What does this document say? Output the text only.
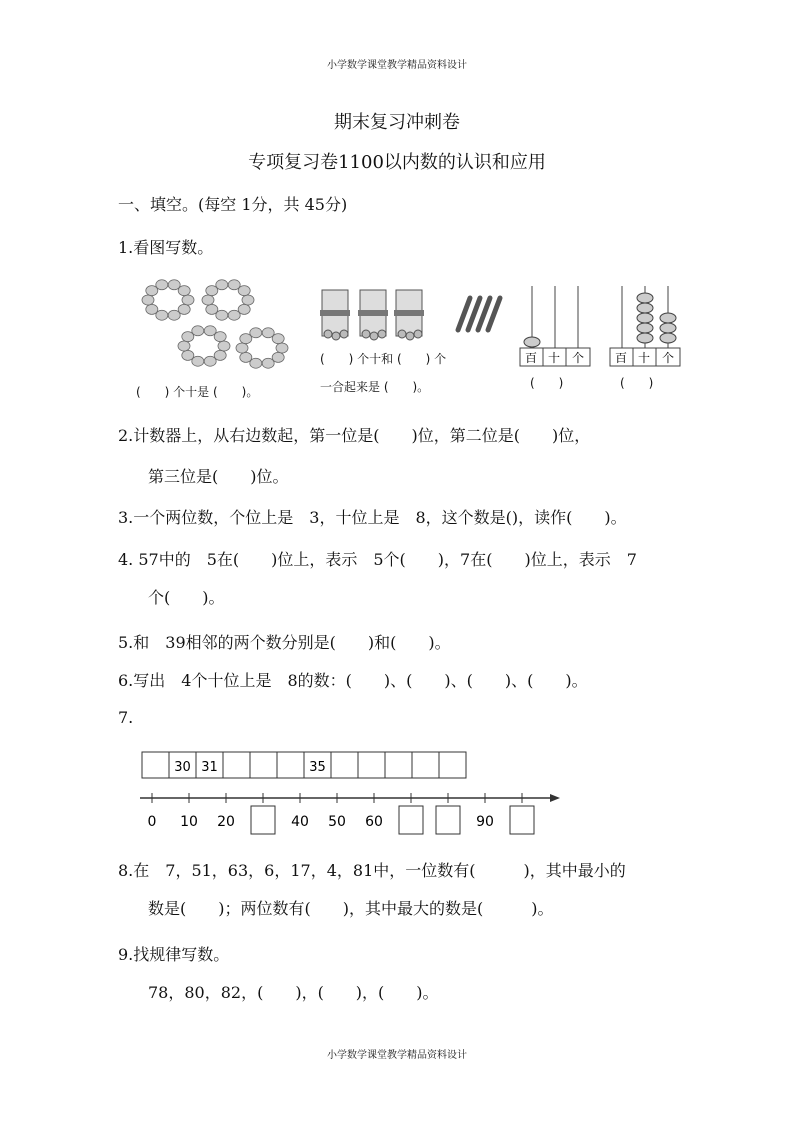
小学数学课堂教学精品资料设计
期末复习冲刺卷
专项复习卷1100以内数的认识和应用
一、填空。(每空 1分，共 45分)
1.看图写数。
百 十 个	百 十 个
(　　) 个十是 (　　)。
(　　) 个十和 (　　) 个
一合起来是 (　　)。	(　　)	(　　)
2.计数器上，从右边数起，第一位是(　　)位，第二位是(　　)位，
第三位是(　　)位。
3.一个两位数，个位上是　3，十位上是　8，这个数是()，读作(　　)。
4. 57中的　5在(　　)位上，表示　5个(　　)，7在(　　)位上，表示　7
个(　　)。
5.和　39相邻的两个数分别是(　　)和(　　)。
6.写出　4个十位上是　8的数：(　　)、(　　)、(　　)、(　　)。
7.
30 31	35
0 10 20	40 50 60	90
8.在　7，51，63，6，17，4，81中，一位数有(　　　)，其中最小的
数是(　　)；两位数有(　　)，其中最大的数是(　　　)。
9.找规律写数。
78，80，82，(　　)，(　　)，(　　)。
小学数学课堂教学精品资料设计
